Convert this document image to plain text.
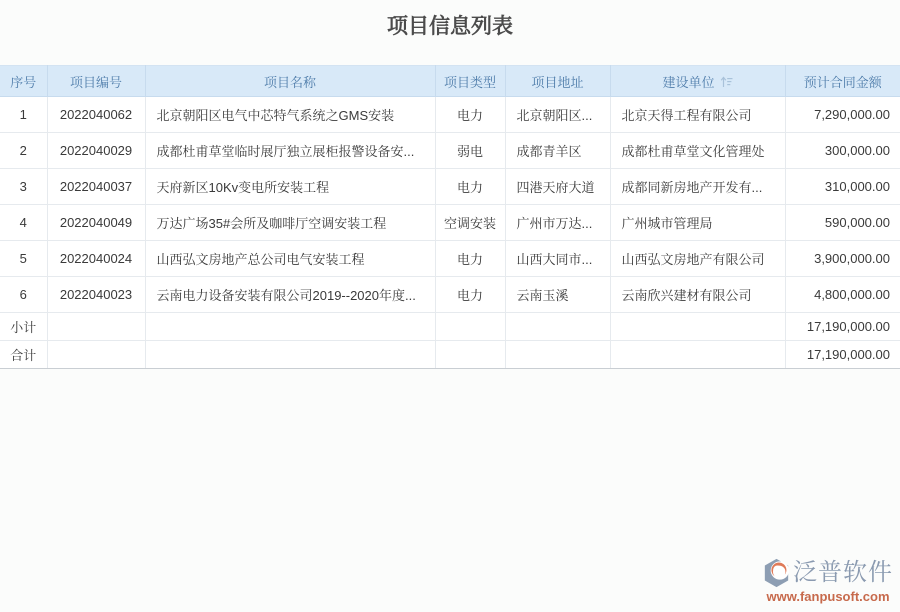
项目信息列表
序号	项目编号	项目名称	项目类型	项目地址	建设单位	预计合同金额
1	2022040062	北京朝阳区电气中芯特气系统之GMS安装	电力	北京朝阳区...	北京天得工程有限公司	7,290,000.00
2	2022040029	成都杜甫草堂临时展厅独立展柜报警设备安...	弱电	成都青羊区	成都杜甫草堂文化管理处	300,000.00
3	2022040037	天府新区10Kv变电所安装工程	电力	四港天府大道	成都同新房地产开发有...	310,000.00
4	2022040049	万达广场35#会所及咖啡厅空调安装工程	空调安装	广州市万达...	广州城市管理局	590,000.00
5	2022040024	山西弘文房地产总公司电气安装工程	电力	山西大同市...	山西弘文房地产有限公司	3,900,000.00
6	2022040023	云南电力设备安装有限公司2019--2020年度...	电力	云南玉溪	云南欣兴建材有限公司	4,800,000.00
小计						17,190,000.00
合计						17,190,000.00
泛普软件
www.fanpusoft.com
